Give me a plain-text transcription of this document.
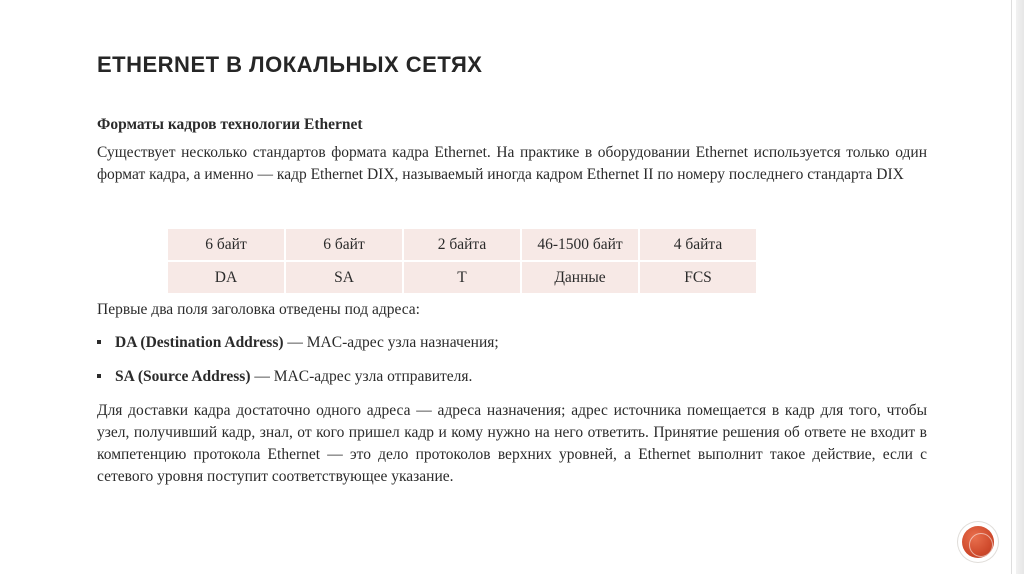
ETHERNET В ЛОКАЛЬНЫХ СЕТЯХ
Форматы кадров технологии Ethernet
Существует несколько стандартов формата кадра Ethernet. На практике в оборудовании Ethernet используется только один формат кадра, а именно — кадр Ethernet DIX, называемый иногда кадром Ethernet II по номеру последнего стандарта DIX
6 байт	6 байт	2 байта	46-1500 байт	4 байта
DA	SA	T	Данные	FCS
Первые два поля заголовка отведены под адреса:
DA (Destination Address) — MAC-адрес узла назначения;
SA (Source Address) — MAC-адрес узла отправителя.
Для доставки кадра достаточно одного адреса — адреса назначения; адрес источника помещается в кадр для того, чтобы узел, получивший кадр, знал, от кого пришел кадр и кому нужно на него ответить. Принятие решения об ответе не входит в компетенцию протокола Ethernet — это дело протоколов верхних уровней, а Ethernet выполнит такое действие, если с сетевого уровня поступит соответствующее указание.
